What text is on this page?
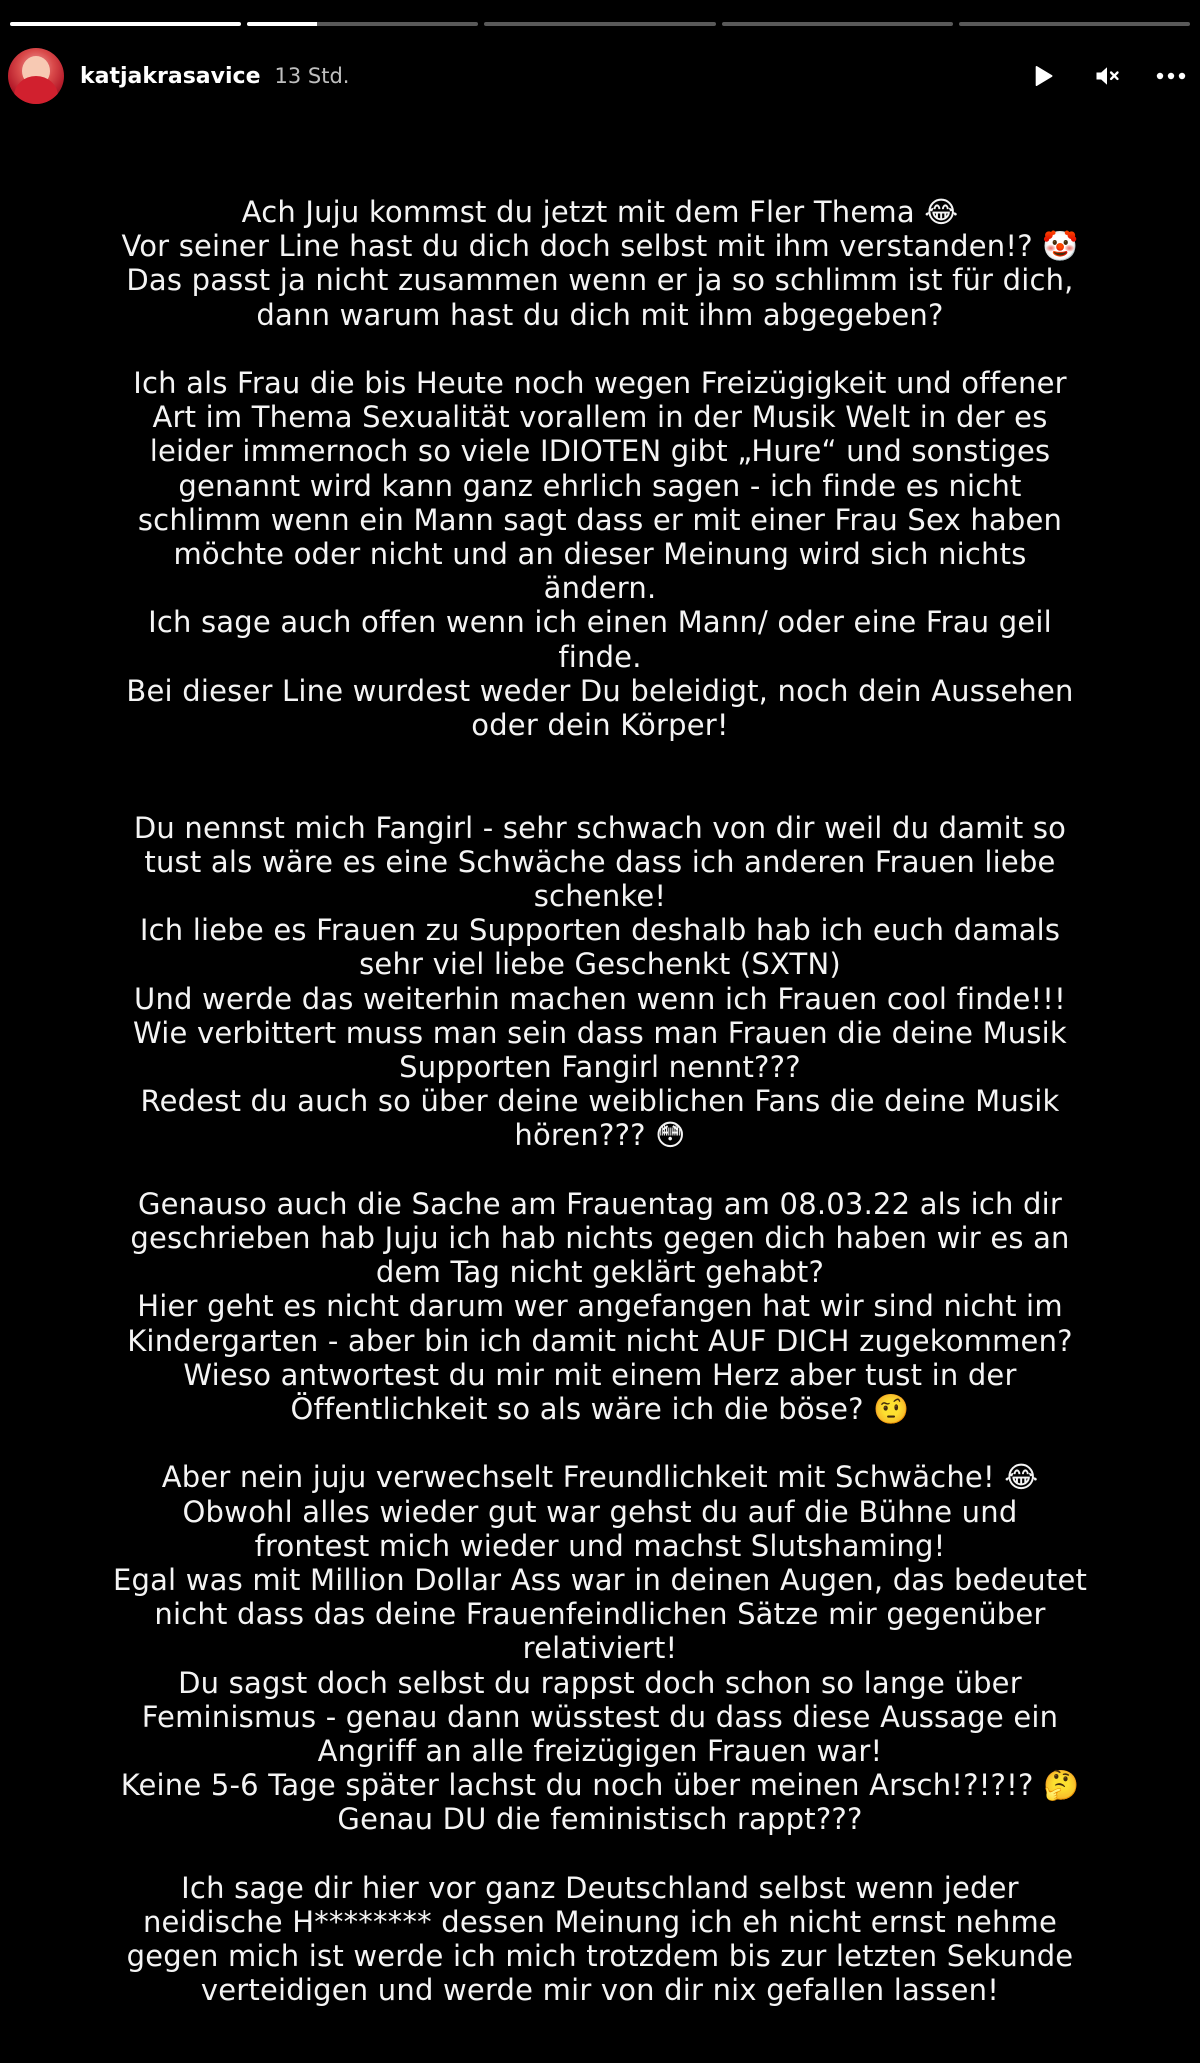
katjakrasavice 13 Std.
Ach Juju kommst du jetzt mit dem Fler Thema 😂
Vor seiner Line hast du dich doch selbst mit ihm verstanden!? 🤡
Das passt ja nicht zusammen wenn er ja so schlimm ist für dich,
dann warum hast du dich mit ihm abgegeben?
Ich als Frau die bis Heute noch wegen Freizügigkeit und offener
Art im Thema Sexualität vorallem in der Musik Welt in der es
leider immernoch so viele IDIOTEN gibt „Hure“ und sonstiges
genannt wird kann ganz ehrlich sagen - ich finde es nicht
schlimm wenn ein Mann sagt dass er mit einer Frau Sex haben
möchte oder nicht und an dieser Meinung wird sich nichts
ändern.
Ich sage auch offen wenn ich einen Mann/ oder eine Frau geil
finde.
Bei dieser Line wurdest weder Du beleidigt, noch dein Aussehen
oder dein Körper!
Du nennst mich Fangirl - sehr schwach von dir weil du damit so
tust als wäre es eine Schwäche dass ich anderen Frauen liebe
schenke!
Ich liebe es Frauen zu Supporten deshalb hab ich euch damals
sehr viel liebe Geschenkt (SXTN)
Und werde das weiterhin machen wenn ich Frauen cool finde!!!
Wie verbittert muss man sein dass man Frauen die deine Musik
Supporten Fangirl nennt???
Redest du auch so über deine weiblichen Fans die deine Musik
hören??? 😳
Genauso auch die Sache am Frauentag am 08.03.22 als ich dir
geschrieben hab Juju ich hab nichts gegen dich haben wir es an
dem Tag nicht geklärt gehabt?
Hier geht es nicht darum wer angefangen hat wir sind nicht im
Kindergarten - aber bin ich damit nicht AUF DICH zugekommen?
Wieso antwortest du mir mit einem Herz aber tust in der
Öffentlichkeit so als wäre ich die böse? 🤨
Aber nein juju verwechselt Freundlichkeit mit Schwäche! 😂
Obwohl alles wieder gut war gehst du auf die Bühne und
frontest mich wieder und machst Slutshaming!
Egal was mit Million Dollar Ass war in deinen Augen, das bedeutet
nicht dass das deine Frauenfeindlichen Sätze mir gegenüber
relativiert!
Du sagst doch selbst du rappst doch schon so lange über
Feminismus - genau dann wüsstest du dass diese Aussage ein
Angriff an alle freizügigen Frauen war!
Keine 5-6 Tage später lachst du noch über meinen Arsch!?!?!? 🤔
Genau DU die feministisch rappt???
Ich sage dir hier vor ganz Deutschland selbst wenn jeder
neidische H******** dessen Meinung ich eh nicht ernst nehme
gegen mich ist werde ich mich trotzdem bis zur letzten Sekunde
verteidigen und werde mir von dir nix gefallen lassen!
